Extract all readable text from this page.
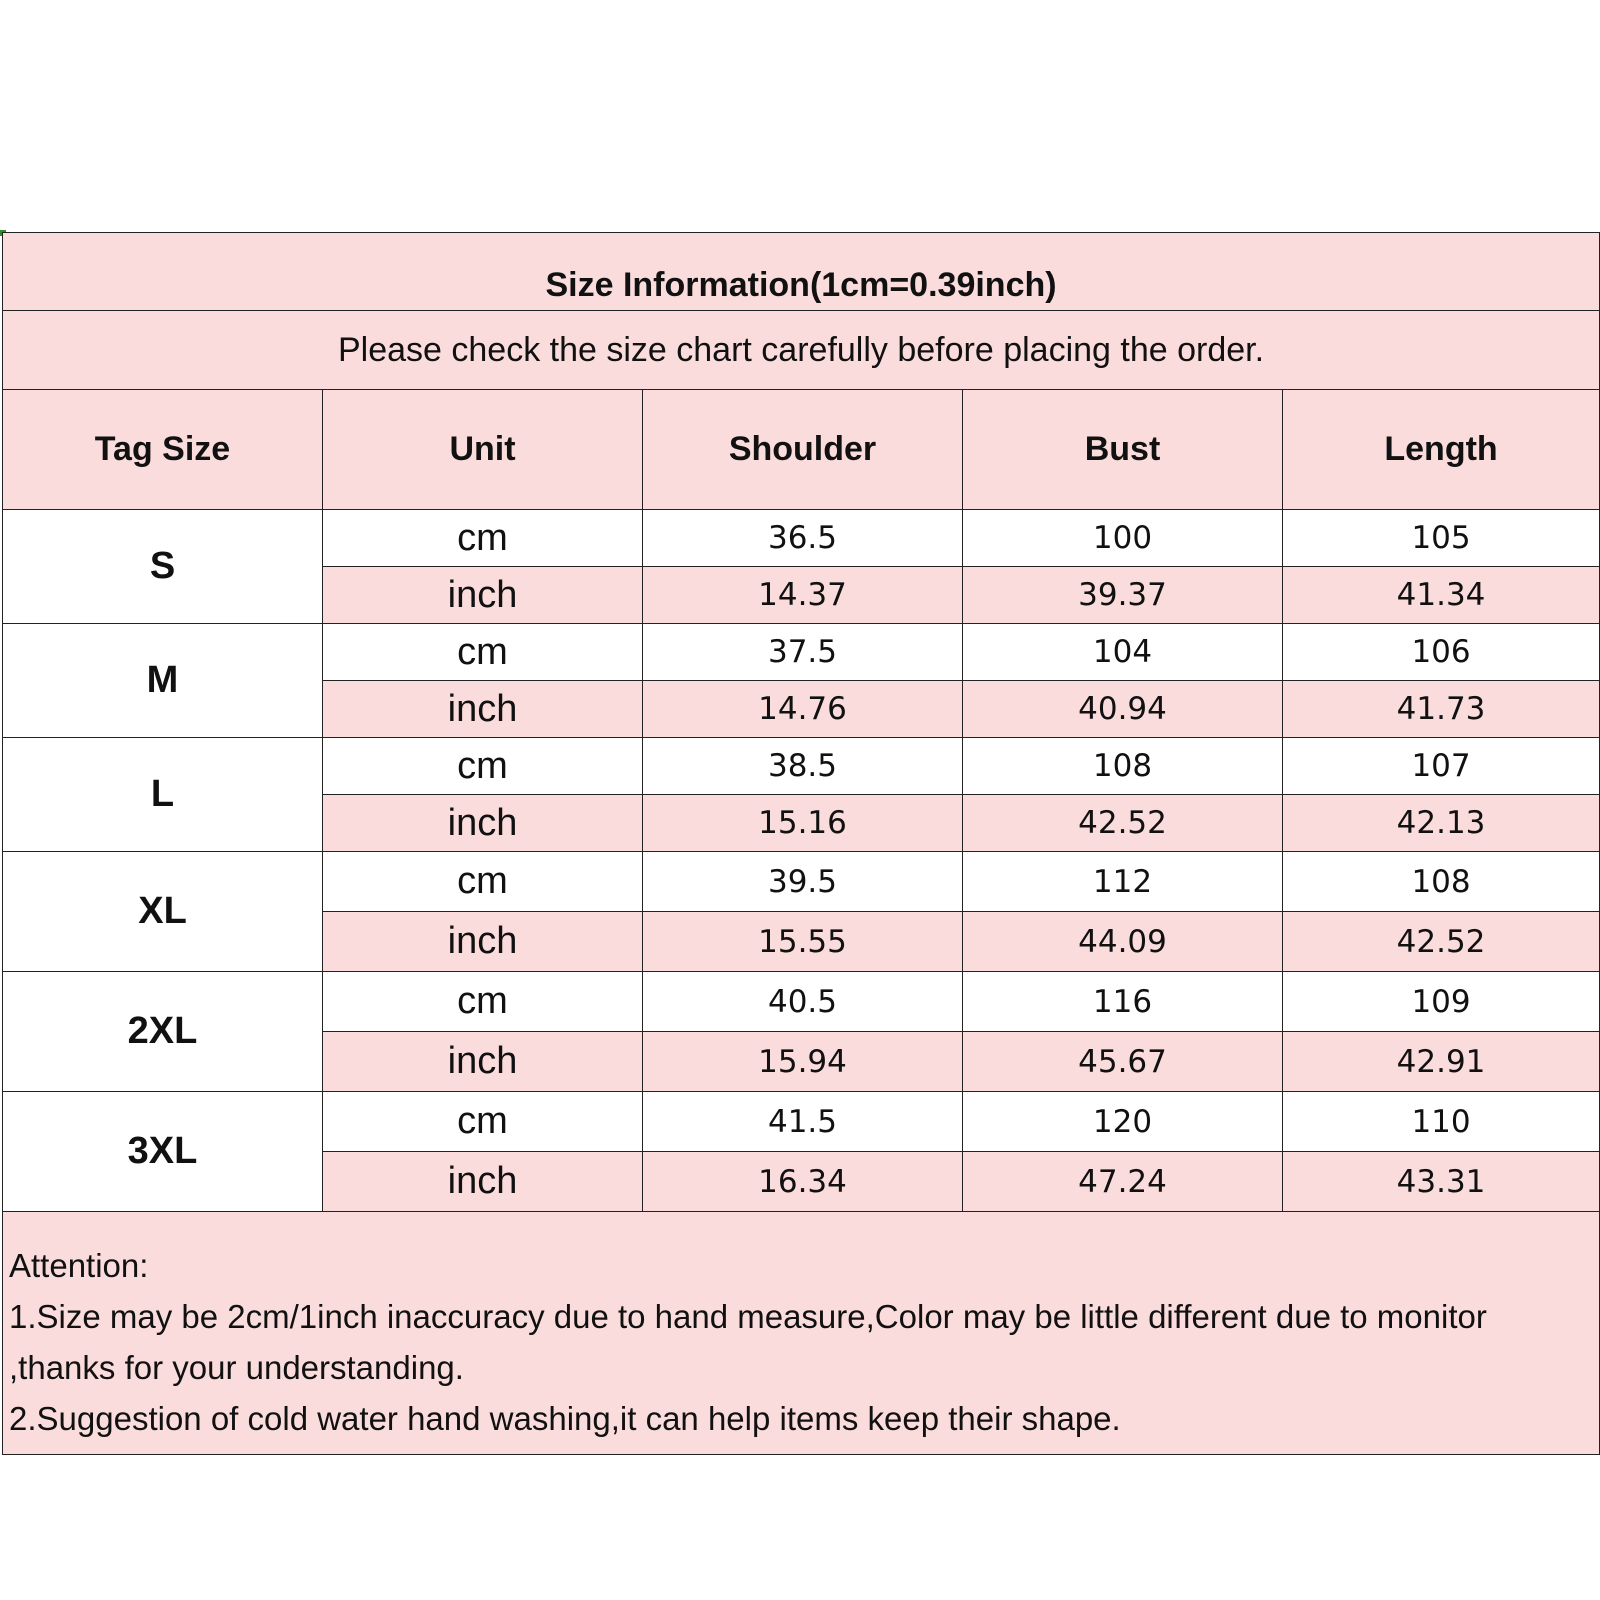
Size Information(1cm=0.39inch)				
Please check the size chart carefully before placing the order.				
Tag Size	Unit	Shoulder	Bust	Length
S	cm	36.5	100	105
	inch	14.37	39.37	41.34
M	cm	37.5	104	106
	inch	14.76	40.94	41.73
L	cm	38.5	108	107
	inch	15.16	42.52	42.13
XL	cm	39.5	112	108
	inch	15.55	44.09	42.52
2XL	cm	40.5	116	109
	inch	15.94	45.67	42.91
3XL	cm	41.5	120	110
	inch	16.34	47.24	43.31

Attention:
1.Size may be 2cm/1inch inaccuracy due to hand measure,Color may be little different due to monitor
,thanks for your understanding.
2.Suggestion of cold water hand washing,it can help items keep their shape.				
